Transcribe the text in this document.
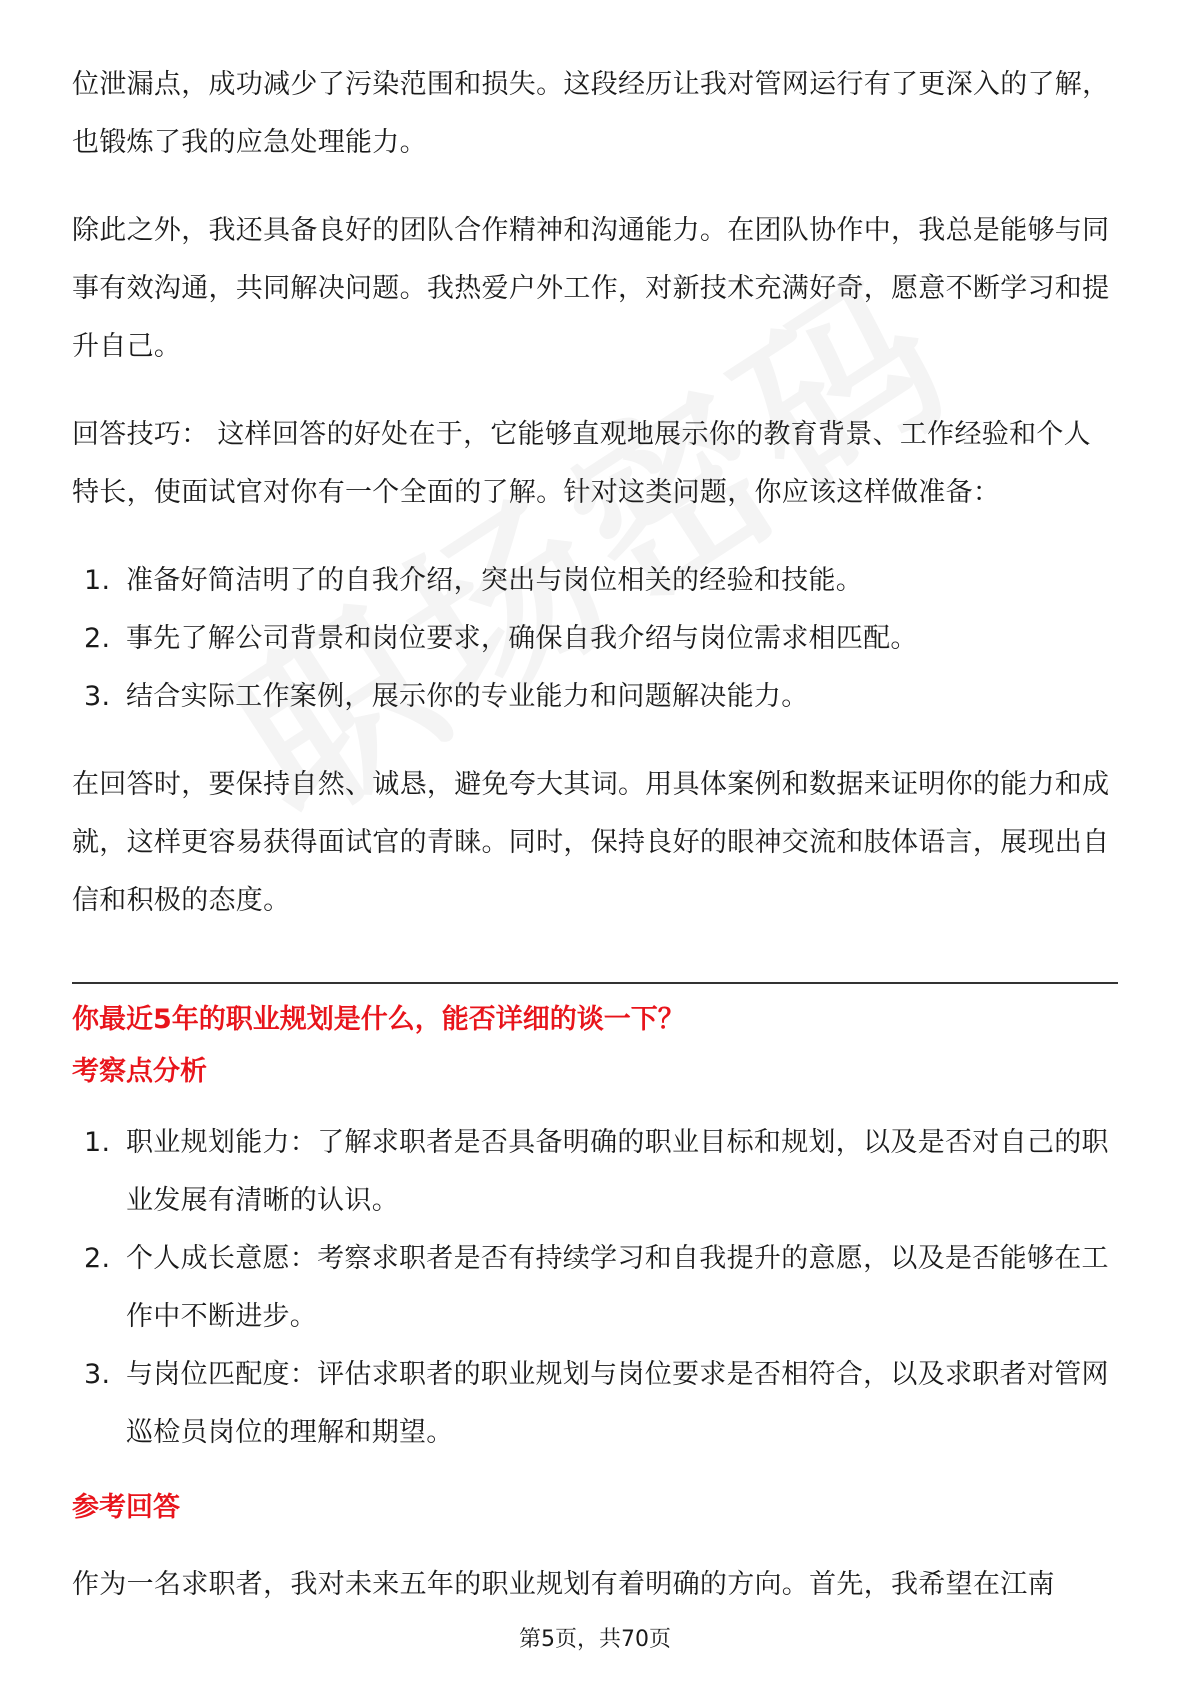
位泄漏点，成功减少了污染范围和损失。这段经历让我对管网运行有了更深入的了解，也锻炼了我的应急处理能力。

除此之外，我还具备良好的团队合作精神和沟通能力。在团队协作中，我总是能够与同事有效沟通，共同解决问题。我热爱户外工作，对新技术充满好奇，愿意不断学习和提升自己。

回答技巧： 这样回答的好处在于，它能够直观地展示你的教育背景、工作经验和个人特长，使面试官对你有一个全面的了解。针对这类问题，你应该这样做准备：

1. 准备好简洁明了的自我介绍，突出与岗位相关的经验和技能。
2. 事先了解公司背景和岗位要求，确保自我介绍与岗位需求相匹配。
3. 结合实际工作案例，展示你的专业能力和问题解决能力。

在回答时，要保持自然、诚恳，避免夸大其词。用具体案例和数据来证明你的能力和成就，这样更容易获得面试官的青睐。同时，保持良好的眼神交流和肢体语言，展现出自信和积极的态度。

你最近5年的职业规划是什么，能否详细的谈一下？

考察点分析

1. 职业规划能力：了解求职者是否具备明确的职业目标和规划，以及是否对自己的职业发展有清晰的认识。
2. 个人成长意愿：考察求职者是否有持续学习和自我提升的意愿，以及是否能够在工作中不断进步。
3. 与岗位匹配度：评估求职者的职业规划与岗位要求是否相符合，以及求职者对管网巡检员岗位的理解和期望。

参考回答

作为一名求职者，我对未来五年的职业规划有着明确的方向。首先，我希望在江南

第5页，共70页
